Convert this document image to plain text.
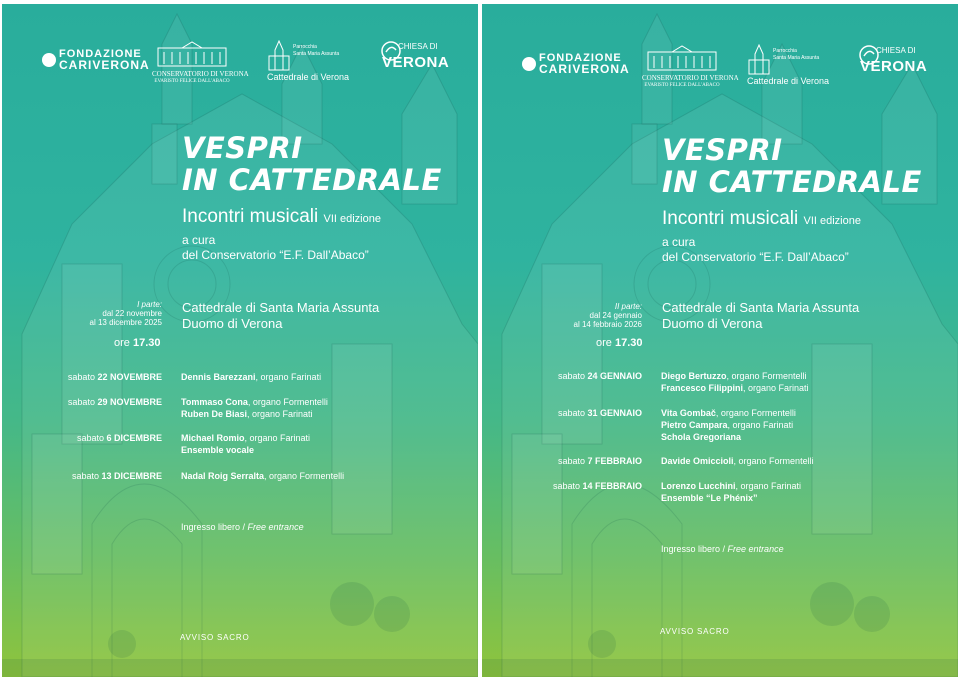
FONDAZIONE
CARIVERONA
CONSERVATORIO DI VERONA
EVARISTO FELICE DALL'ABACO
Parrocchia
Santa Maria Assunta
Cattedrale di Verona
CHIESA DI
VERONA
VESPRI
IN CATTEDRALE
Incontri musicali VII edizione
a cura
del Conservatorio “E.F. Dall’Abaco”
I parte:
dal 22 novembre
al 13 dicembre 2025
Cattedrale di Santa Maria Assunta
Duomo di Verona
ore 17.30
sabato 22 NOVEMBRE Dennis Barezzani, organo Farinati
sabato 29 NOVEMBRE Tommaso Cona, organo Formentelli
Ruben De Biasi, organo Farinati
sabato 6 DICEMBRE Michael Romio, organo Farinati
Ensemble vocale
sabato 13 DICEMBRE Nadal Roig Serralta, organo Formentelli
Ingresso libero / Free entrance
AVVISO SACRO
FONDAZIONE
CARIVERONA
CONSERVATORIO DI VERONA
EVARISTO FELICE DALL'ABACO
Parrocchia
Santa Maria Assunta
Cattedrale di Verona
CHIESA DI
VERONA
VESPRI
IN CATTEDRALE
Incontri musicali VII edizione
a cura
del Conservatorio “E.F. Dall’Abaco”
II parte:
dal 24 gennaio
al 14 febbraio 2026
Cattedrale di Santa Maria Assunta
Duomo di Verona
ore 17.30
sabato 24 GENNAIO Diego Bertuzzo, organo Formentelli
Francesco Filippini, organo Farinati
sabato 31 GENNAIO Vita Gombač, organo Formentelli
Pietro Campara, organo Farinati
Schola Gregoriana
sabato 7 FEBBRAIO Davide Omiccioli, organo Formentelli
sabato 14 FEBBRAIO Lorenzo Lucchini, organo Farinati
Ensemble “Le Phénix”
Ingresso libero / Free entrance
AVVISO SACRO
